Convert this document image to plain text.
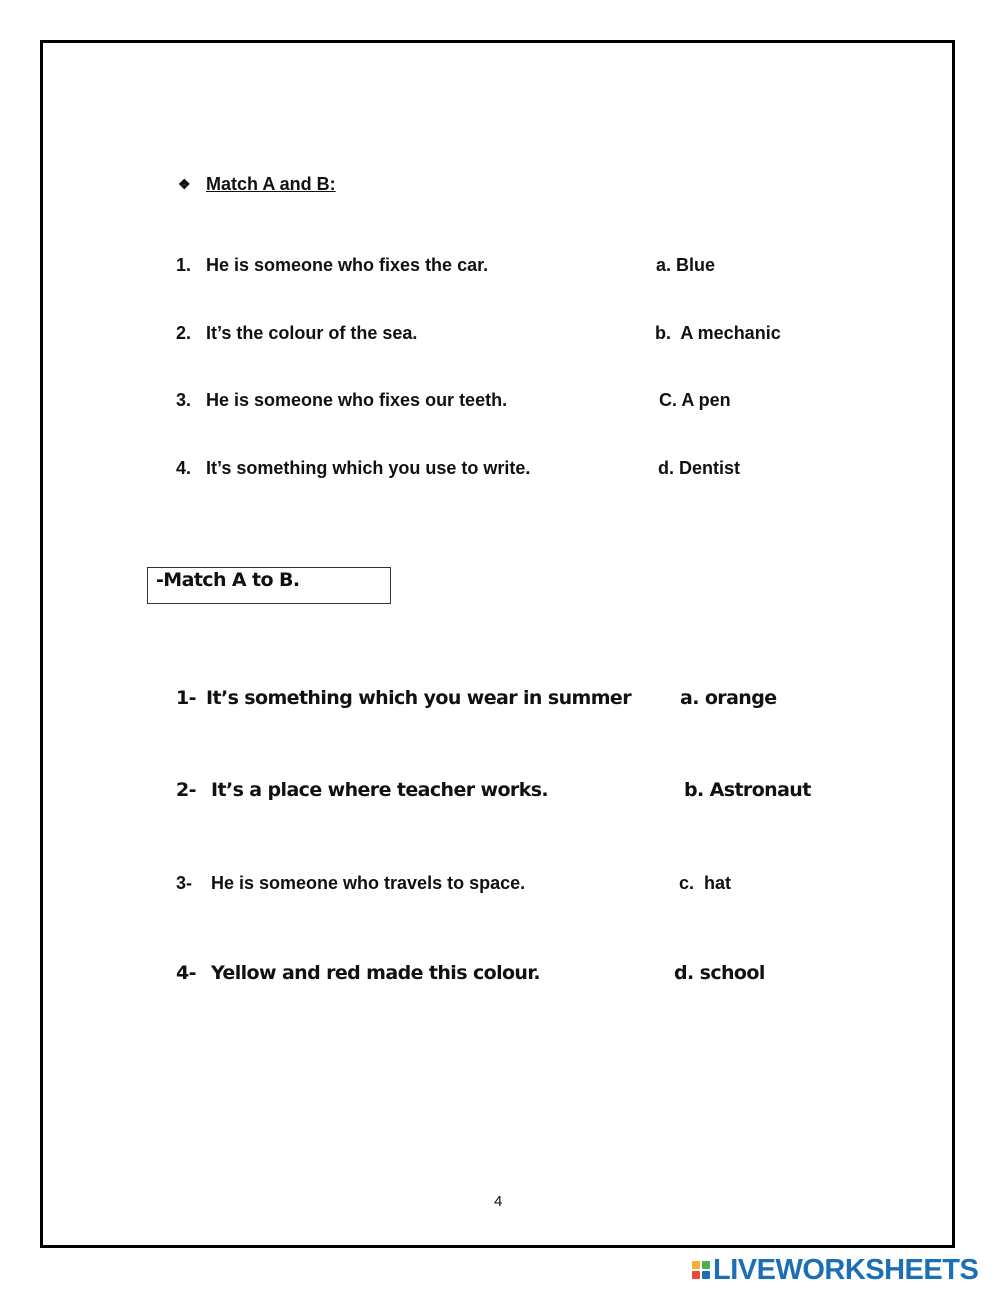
❖ Match A and B:
1. He is someone who fixes the car.	a. Blue
2. It’s the colour of the sea.	b.  A mechanic
3. He is someone who fixes our teeth.	C. A pen
4. It’s something which you use to write.	d. Dentist
-Match A to B.
1- It’s something which you wear in summer	a. orange
2- It’s a place where teacher works.	b. Astronaut
3- He is someone who travels to space.	c.  hat
4- Yellow and red made this colour.	d. school
4
LIVEWORKSHEETS
